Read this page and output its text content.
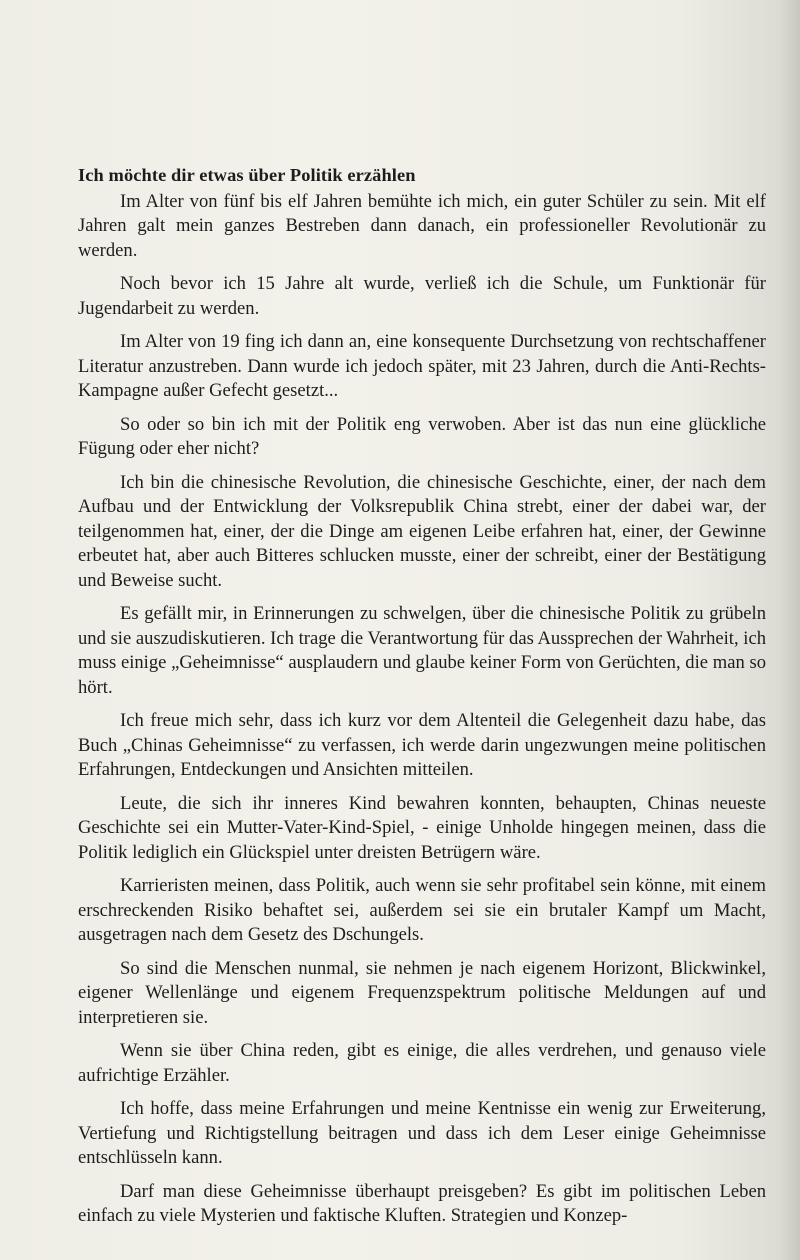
Ich möchte dir etwas über Politik erzählen

Im Alter von fünf bis elf Jahren bemühte ich mich, ein guter Schüler zu sein. Mit elf Jahren galt mein ganzes Bestreben dann danach, ein professioneller Revolutionär zu werden.

Noch bevor ich 15 Jahre alt wurde, verließ ich die Schule, um Funktionär für Jugendarbeit zu werden.

Im Alter von 19 fing ich dann an, eine konsequente Durchsetzung von rechtschaffener Literatur anzustreben. Dann wurde ich jedoch später, mit 23 Jahren, durch die Anti-Rechts-Kampagne außer Gefecht gesetzt...

So oder so bin ich mit der Politik eng verwoben. Aber ist das nun eine glückliche Fügung oder eher nicht?

Ich bin die chinesische Revolution, die chinesische Geschichte, einer, der nach dem Aufbau und der Entwicklung der Volksrepublik China strebt, einer der dabei war, der teilgenommen hat, einer, der die Dinge am eigenen Leibe erfahren hat, einer, der Gewinne erbeutet hat, aber auch Bitteres schlucken musste, einer der schreibt, einer der Bestätigung und Beweise sucht.

Es gefällt mir, in Erinnerungen zu schwelgen, über die chinesische Politik zu grübeln und sie auszudiskutieren. Ich trage die Verantwortung für das Aussprechen der Wahrheit, ich muss einige „Geheimnisse“ ausplaudern und glaube keiner Form von Gerüchten, die man so hört.

Ich freue mich sehr, dass ich kurz vor dem Altenteil die Gelegenheit dazu habe, das Buch „Chinas Geheimnisse“ zu verfassen, ich werde darin ungezwungen meine politischen Erfahrungen, Entdeckungen und Ansichten mitteilen.

Leute, die sich ihr inneres Kind bewahren konnten, behaupten, Chinas neueste Geschichte sei ein Mutter-Vater-Kind-Spiel, - einige Unholde hingegen meinen, dass die Politik lediglich ein Glückspiel unter dreisten Betrügern wäre.

Karrieristen meinen, dass Politik, auch wenn sie sehr profitabel sein könne, mit einem erschreckenden Risiko behaftet sei, außerdem sei sie ein brutaler Kampf um Macht, ausgetragen nach dem Gesetz des Dschungels.

So sind die Menschen nunmal, sie nehmen je nach eigenem Horizont, Blickwinkel, eigener Wellenlänge und eigenem Frequenzspektrum politische Meldungen auf und interpretieren sie.

Wenn sie über China reden, gibt es einige, die alles verdrehen, und genauso viele aufrichtige Erzähler.

Ich hoffe, dass meine Erfahrungen und meine Kentnisse ein wenig zur Erweiterung, Vertiefung und Richtigstellung beitragen und dass ich dem Leser einige Geheimnisse entschlüsseln kann.

Darf man diese Geheimnisse überhaupt preisgeben? Es gibt im politischen Leben einfach zu viele Mysterien und faktische Kluften. Strategien und Konzep-
